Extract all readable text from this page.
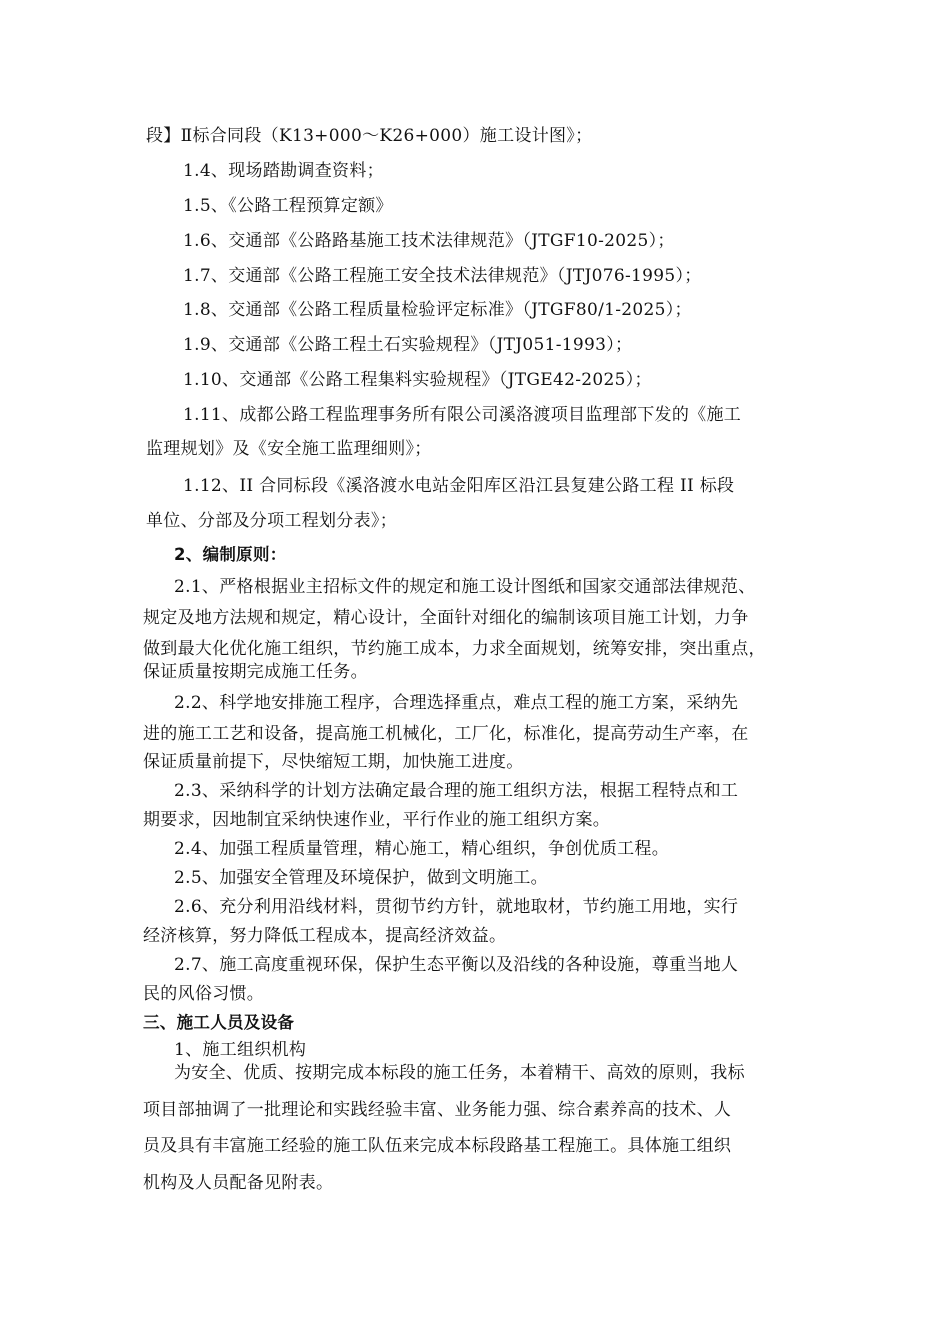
段】Ⅱ标合同段（K13+000～K26+000）施工设计图》；
1.4、现场踏勘调查资料；
1.5、《公路工程预算定额》
1.6、交通部《公路路基施工技术法律规范》（JTGF10-2025）；
1.7、交通部《公路工程施工安全技术法律规范》（JTJ076-1995）；
1.8、交通部《公路工程质量检验评定标准》（JTGF80/1-2025）；
1.9、交通部《公路工程土石实验规程》（JTJ051-1993）；
1.10、交通部《公路工程集料实验规程》（JTGE42-2025）；
1.11、成都公路工程监理事务所有限公司溪洛渡项目监理部下发的《施工
监理规划》及《安全施工监理细则》；
1.12、II 合同标段《溪洛渡水电站金阳库区沿江县复建公路工程 II 标段
单位、分部及分项工程划分表》；
2、编制原则：
2.1、严格根据业主招标文件的规定和施工设计图纸和国家交通部法律规范、
规定及地方法规和规定，精心设计，全面针对细化的编制该项目施工计划，力争
做到最大化优化施工组织，节约施工成本，力求全面规划，统筹安排，突出重点，
保证质量按期完成施工任务。
2.2、科学地安排施工程序，合理选择重点，难点工程的施工方案，采纳先
进的施工工艺和设备，提高施工机械化，工厂化，标准化，提高劳动生产率，在
保证质量前提下，尽快缩短工期，加快施工进度。
2.3、采纳科学的计划方法确定最合理的施工组织方法，根据工程特点和工
期要求，因地制宜采纳快速作业，平行作业的施工组织方案。
2.4、加强工程质量管理，精心施工，精心组织，争创优质工程。
2.5、加强安全管理及环境保护，做到文明施工。
2.6、充分利用沿线材料，贯彻节约方针，就地取材，节约施工用地，实行
经济核算，努力降低工程成本，提高经济效益。
2.7、施工高度重视环保，保护生态平衡以及沿线的各种设施，尊重当地人
民的风俗习惯。
三、施工人员及设备
1、施工组织机构
为安全、优质、按期完成本标段的施工任务，本着精干、高效的原则，我标
项目部抽调了一批理论和实践经验丰富、业务能力强、综合素养高的技术、人
员及具有丰富施工经验的施工队伍来完成本标段路基工程施工。具体施工组织
机构及人员配备见附表。
